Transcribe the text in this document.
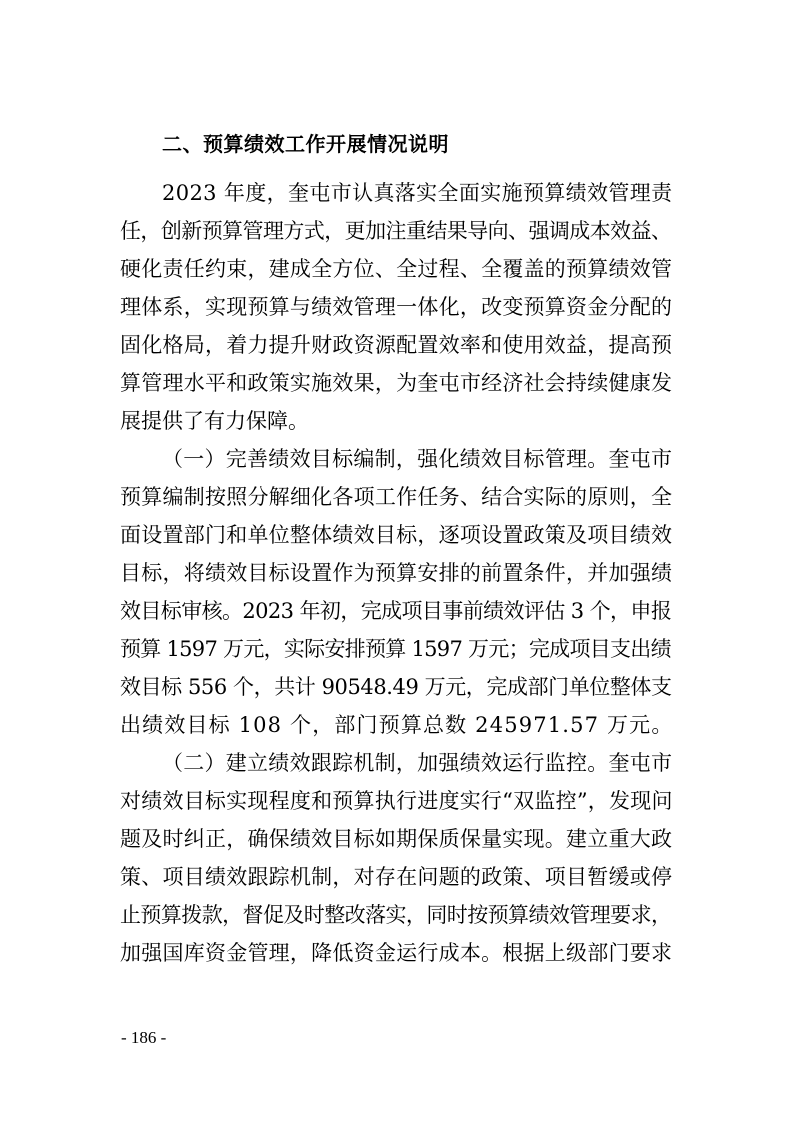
二、预算绩效工作开展情况说明
2023 年度，奎屯市认真落实全面实施预算绩效管理责
任，创新预算管理方式，更加注重结果导向、强调成本效益、
硬化责任约束，建成全方位、全过程、全覆盖的预算绩效管
理体系，实现预算与绩效管理一体化，改变预算资金分配的
固化格局，着力提升财政资源配置效率和使用效益，提高预
算管理水平和政策实施效果，为奎屯市经济社会持续健康发
展提供了有力保障。
（一）完善绩效目标编制，强化绩效目标管理。奎屯市
预算编制按照分解细化各项工作任务、结合实际的原则，全
面设置部门和单位整体绩效目标，逐项设置政策及项目绩效
目标，将绩效目标设置作为预算安排的前置条件，并加强绩
效目标审核。2023 年初，完成项目事前绩效评估 3 个，申报
预算 1597 万元，实际安排预算 1597 万元；完成项目支出绩
效目标 556 个，共计 90548.49 万元，完成部门单位整体支
出绩效目标 108 个，部门预算总数 245971.57 万元。
（二）建立绩效跟踪机制，加强绩效运行监控。奎屯市
对绩效目标实现程度和预算执行进度实行“双监控”，发现问
题及时纠正，确保绩效目标如期保质保量实现。建立重大政
策、项目绩效跟踪机制，对存在问题的政策、项目暂缓或停
止预算拨款，督促及时整改落实，同时按预算绩效管理要求，
加强国库资金管理，降低资金运行成本。根据上级部门要求
- 186 -
